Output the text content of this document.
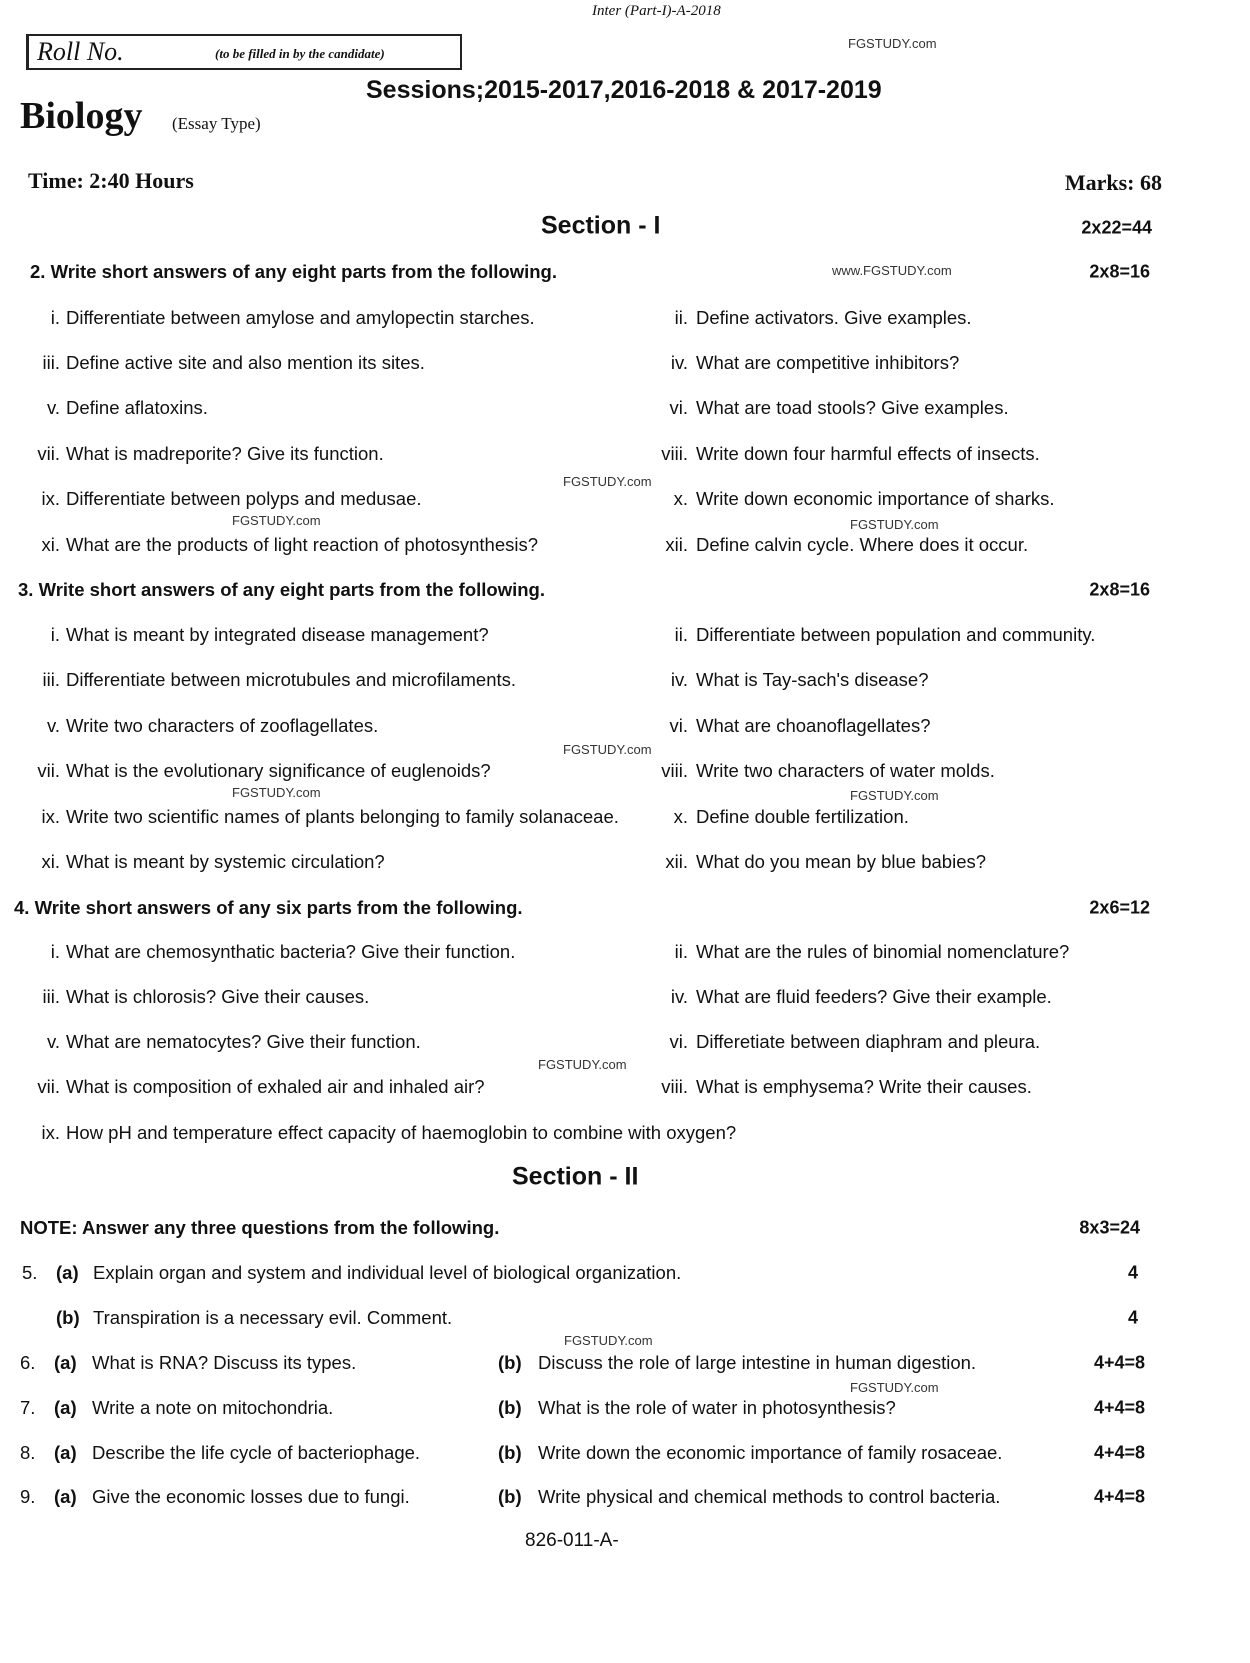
Inter (Part-I)-A-2018
FGSTUDY.com
Roll No.	(to be filled in by the candidate)
Sessions;2015-2017,2016-2018 & 2017-2019
Biology (Essay Type)
Time: 2:40 Hours	Marks: 68
Section - I	2x22=44
2. Write short answers of any eight parts from the following.	2x8=16
i. Differentiate between amylose and amylopectin starches.	ii. Define activators. Give examples.
iii. Define active site and also mention its sites.	iv. What are competitive inhibitors?
v. Define aflatoxins.	vi. What are toad stools? Give examples.
vii. What is madreporite? Give its function.	viii. Write down four harmful effects of insects.
ix. Differentiate between polyps and medusae.	x. Write down economic importance of sharks.
xi. What are the products of light reaction of photosynthesis?	xii. Define calvin cycle. Where does it occur.
3. Write short answers of any eight parts from the following.	2x8=16
i. What is meant by integrated disease management?	ii. Differentiate between population and community.
iii. Differentiate between microtubules and microfilaments.	iv. What is Tay-sach's disease?
v. Write two characters of zooflagellates.	vi. What are choanoflagellates?
vii. What is the evolutionary significance of euglenoids?	viii. Write two characters of water molds.
ix. Write two scientific names of plants belonging to family solanaceae.	x. Define double fertilization.
xi. What is meant by systemic circulation?	xii. What do you mean by blue babies?
4. Write short answers of any six parts from the following.	2x6=12
i. What are chemosynthatic bacteria? Give their function.	ii. What are the rules of binomial nomenclature?
iii. What is chlorosis? Give their causes.	iv. What are fluid feeders? Give their example.
v. What are nematocytes? Give their function.	vi. Differetiate between diaphram and pleura.
vii. What is composition of exhaled air and inhaled air?	viii. What is emphysema? Write their causes.
ix. How pH and temperature effect capacity of haemoglobin to combine with oxygen?
Section - II
NOTE: Answer any three questions from the following.	8x3=24
5. (a) Explain organ and system and individual level of biological organization.	4
(b) Transpiration is a necessary evil. Comment.	4
6. (a) What is RNA? Discuss its types.	(b) Discuss the role of large intestine in human digestion.	4+4=8
7. (a) Write a note on mitochondria.	(b) What is the role of water in photosynthesis?	4+4=8
8. (a) Describe the life cycle of bacteriophage.	(b) Write down the economic importance of family rosaceae.	4+4=8
9. (a) Give the economic losses due to fungi.	(b) Write physical and chemical methods to control bacteria.	4+4=8
826-011-A-
www.FGSTUDY.com
FGSTUDY.com
FGSTUDY.com	FGSTUDY.com
FGSTUDY.com
FGSTUDY.com	FGSTUDY.com
FGSTUDY.com
FGSTUDY.com
FGSTUDY.com
